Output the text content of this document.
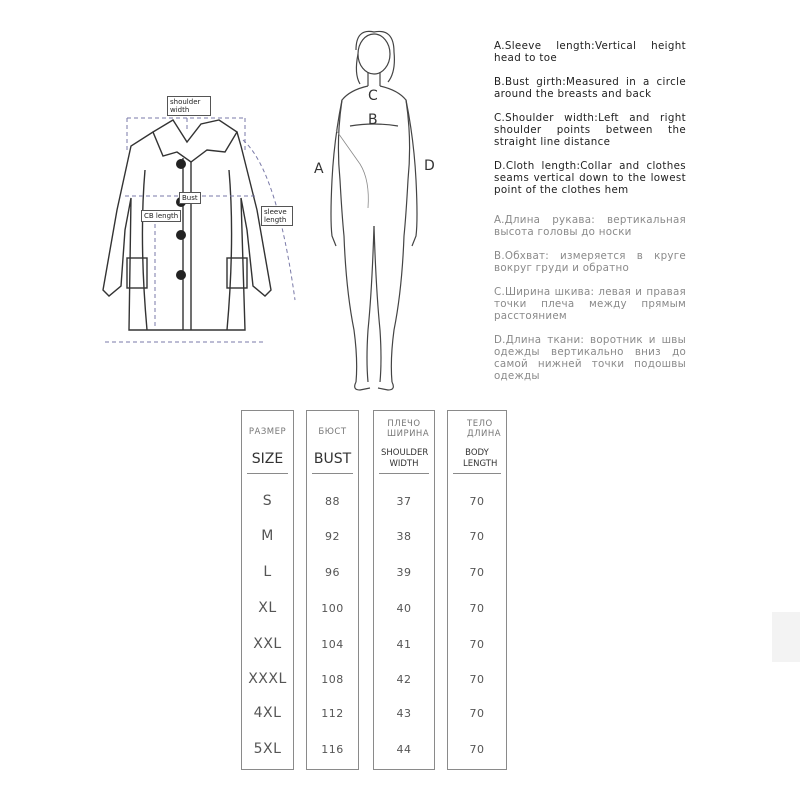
shoulder width
Bust
CB length	sleeve length
C
B
A	D
A.Sleeve length:Vertical height head to toe
B.Bust girth:Measured in a circle around the breasts and back
C.Shoulder width:Left and right shoulder points between the straight line distance
D.Cloth length:Collar and clothes seams vertical down to the lowest point of the clothes hem
A.Длина рукава: вертикальная высота головы до носки
B.Обхват: измеряется в круге вокруг груди и обратно
C.Ширина шкива: левая и правая точки плеча между прямым расстоянием
D.Длина ткани: воротник и швы одежды вертикально вниз до самой нижней точки подошвы одежды
РАЗМЕР
SIZE
S
M
L
XL
XXL
XXXL
4XL
5XL
БЮСТ
BUST
88
92
96
100
104
108
112
116
ПЛЕЧО ШИРИНА
SHOULDER WIDTH
37
38
39
40
41
42
43
44
ТЕЛО ДЛИНА
BODY LENGTH
70
70
70
70
70
70
70
70
